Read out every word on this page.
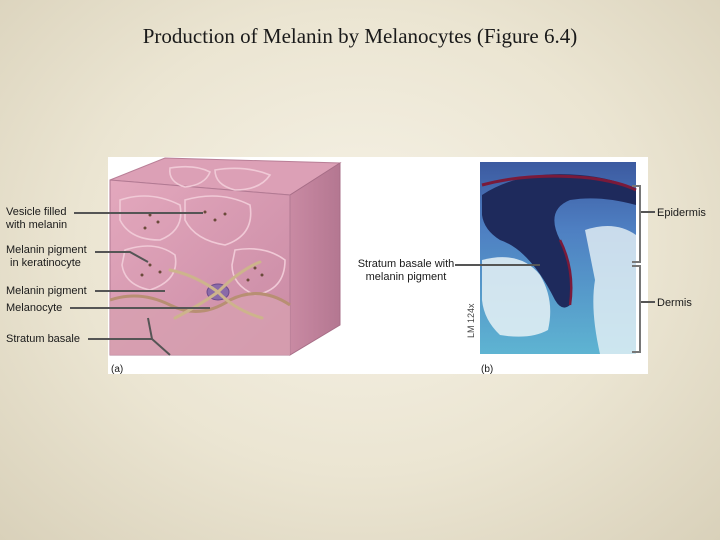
Production of Melanin by Melanocytes (Figure 6.4)
Vesicle filled
with melanin
Melanin pigment
in keratinocyte
Melanin pigment
Melanocyte
Stratum basale
Stratum basale with
melanin pigment
Epidermis
Dermis
(a)	(b)
LM 124x
